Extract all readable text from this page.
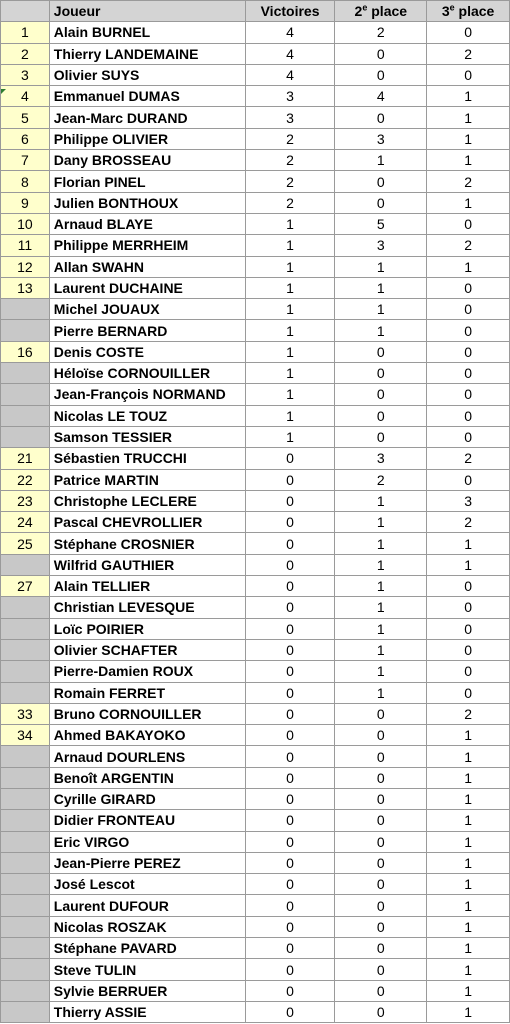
	Joueur	Victoires	2e place	3e place
1	Alain BURNEL	4	2	0
2	Thierry LANDEMAINE	4	0	2
3	Olivier SUYS	4	0	0
4	Emmanuel DUMAS	3	4	1
5	Jean-Marc DURAND	3	0	1
6	Philippe OLIVIER	2	3	1
7	Dany BROSSEAU	2	1	1
8	Florian PINEL	2	0	2
9	Julien BONTHOUX	2	0	1
10	Arnaud BLAYE	1	5	0
11	Philippe MERRHEIM	1	3	2
12	Allan SWAHN	1	1	1
13	Laurent DUCHAINE	1	1	0
	Michel JOUAUX	1	1	0
	Pierre BERNARD	1	1	0
16	Denis COSTE	1	0	0
	Héloïse CORNOUILLER	1	0	0
	Jean-François NORMAND	1	0	0
	Nicolas LE TOUZ	1	0	0
	Samson TESSIER	1	0	0
21	Sébastien TRUCCHI	0	3	2
22	Patrice MARTIN	0	2	0
23	Christophe LECLERE	0	1	3
24	Pascal CHEVROLLIER	0	1	2
25	Stéphane CROSNIER	0	1	1
	Wilfrid GAUTHIER	0	1	1
27	Alain TELLIER	0	1	0
	Christian LEVESQUE	0	1	0
	Loïc POIRIER	0	1	0
	Olivier SCHAFTER	0	1	0
	Pierre-Damien ROUX	0	1	0
	Romain FERRET	0	1	0
33	Bruno CORNOUILLER	0	0	2
34	Ahmed BAKAYOKO	0	0	1
	Arnaud DOURLENS	0	0	1
	Benoît ARGENTIN	0	0	1
	Cyrille GIRARD	0	0	1
	Didier FRONTEAU	0	0	1
	Eric VIRGO	0	0	1
	Jean-Pierre PEREZ	0	0	1
	José Lescot	0	0	1
	Laurent DUFOUR	0	0	1
	Nicolas ROSZAK	0	0	1
	Stéphane PAVARD	0	0	1
	Steve TULIN	0	0	1
	Sylvie BERRUER	0	0	1
	Thierry ASSIE	0	0	1
